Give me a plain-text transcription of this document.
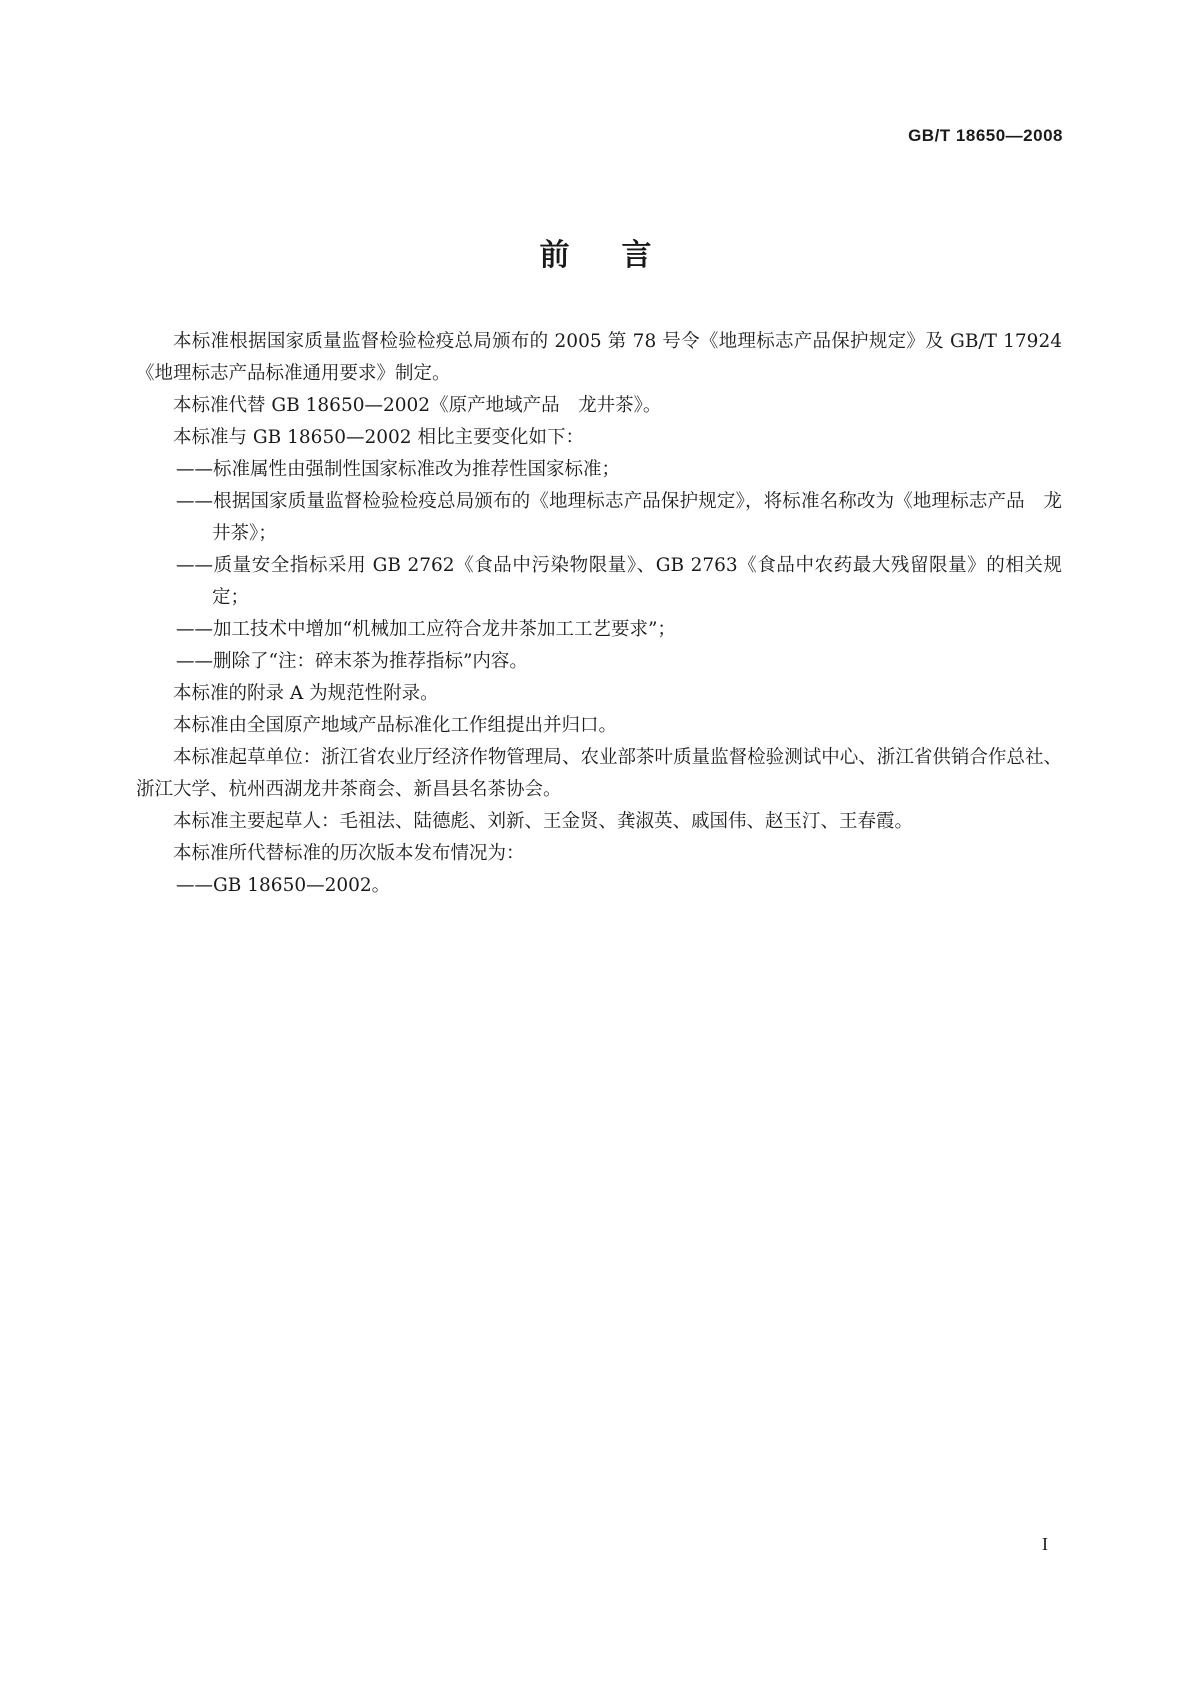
GB/T 18650—2008
前言

本标准根据国家质量监督检验检疫总局颁布的 2005 第 78 号令《地理标志产品保护规定》及 GB/T 17924《地理标志产品标准通用要求》制定。

本标准代替 GB 18650—2002《原产地域产品　龙井茶》。

本标准与 GB 18650—2002 相比主要变化如下：

——标准属性由强制性国家标准改为推荐性国家标准；

——根据国家质量监督检验检疫总局颁布的《地理标志产品保护规定》，将标准名称改为《地理标志产品　龙井茶》；

——质量安全指标采用 GB 2762《食品中污染物限量》、GB 2763《食品中农药最大残留限量》的相关规定；

——加工技术中增加“机械加工应符合龙井茶加工工艺要求”；

——删除了“注：碎末茶为推荐指标”内容。

本标准的附录 A 为规范性附录。

本标准由全国原产地域产品标准化工作组提出并归口。

本标准起草单位：浙江省农业厅经济作物管理局、农业部茶叶质量监督检验测试中心、浙江省供销合作总社、浙江大学、杭州西湖龙井茶商会、新昌县名茶协会。

本标准主要起草人：毛祖法、陆德彪、刘新、王金贤、龚淑英、戚国伟、赵玉汀、王春霞。

本标准所代替标准的历次版本发布情况为：

——GB 18650—2002。

I
